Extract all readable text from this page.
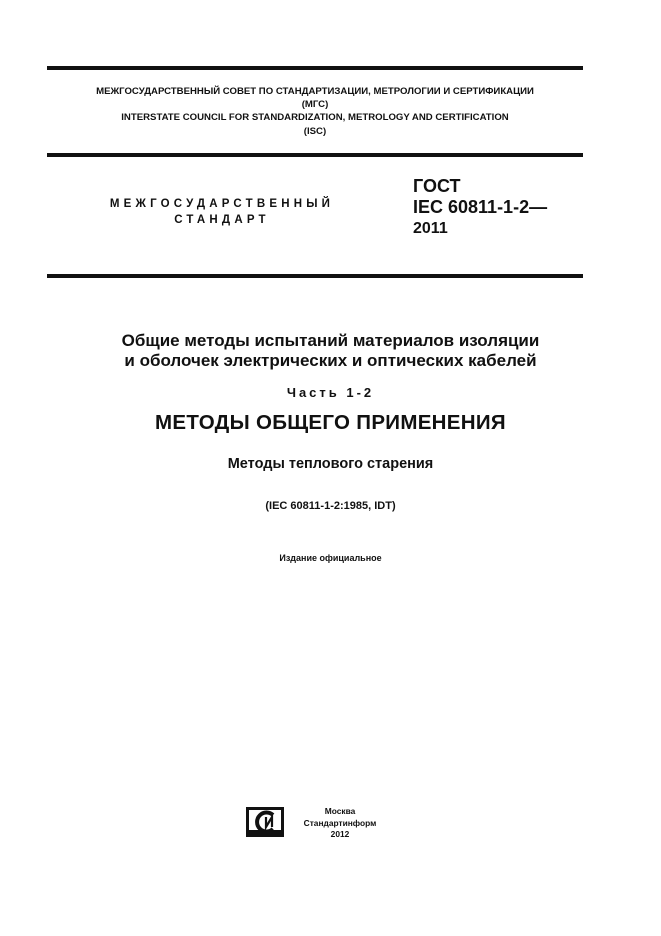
МЕЖГОСУДАРСТВЕННЫЙ СОВЕТ ПО СТАНДАРТИЗАЦИИ, МЕТРОЛОГИИ И СЕРТИФИКАЦИИ
(МГС)
INTERSTATE COUNCIL FOR STANDARDIZATION, METROLOGY AND CERTIFICATION
(ISC)
МЕЖГОСУДАРСТВЕННЫЙ
СТАНДАРТ
ГОСТ
IEC 60811-1-2—
2011
Общие методы испытаний материалов изоляции
и оболочек электрических и оптических кабелей
Часть 1-2
МЕТОДЫ ОБЩЕГО ПРИМЕНЕНИЯ
Методы теплового старения
(IEC 60811-1-2:1985, IDT)
Издание официальное
Москва
Стандартинформ
2012
